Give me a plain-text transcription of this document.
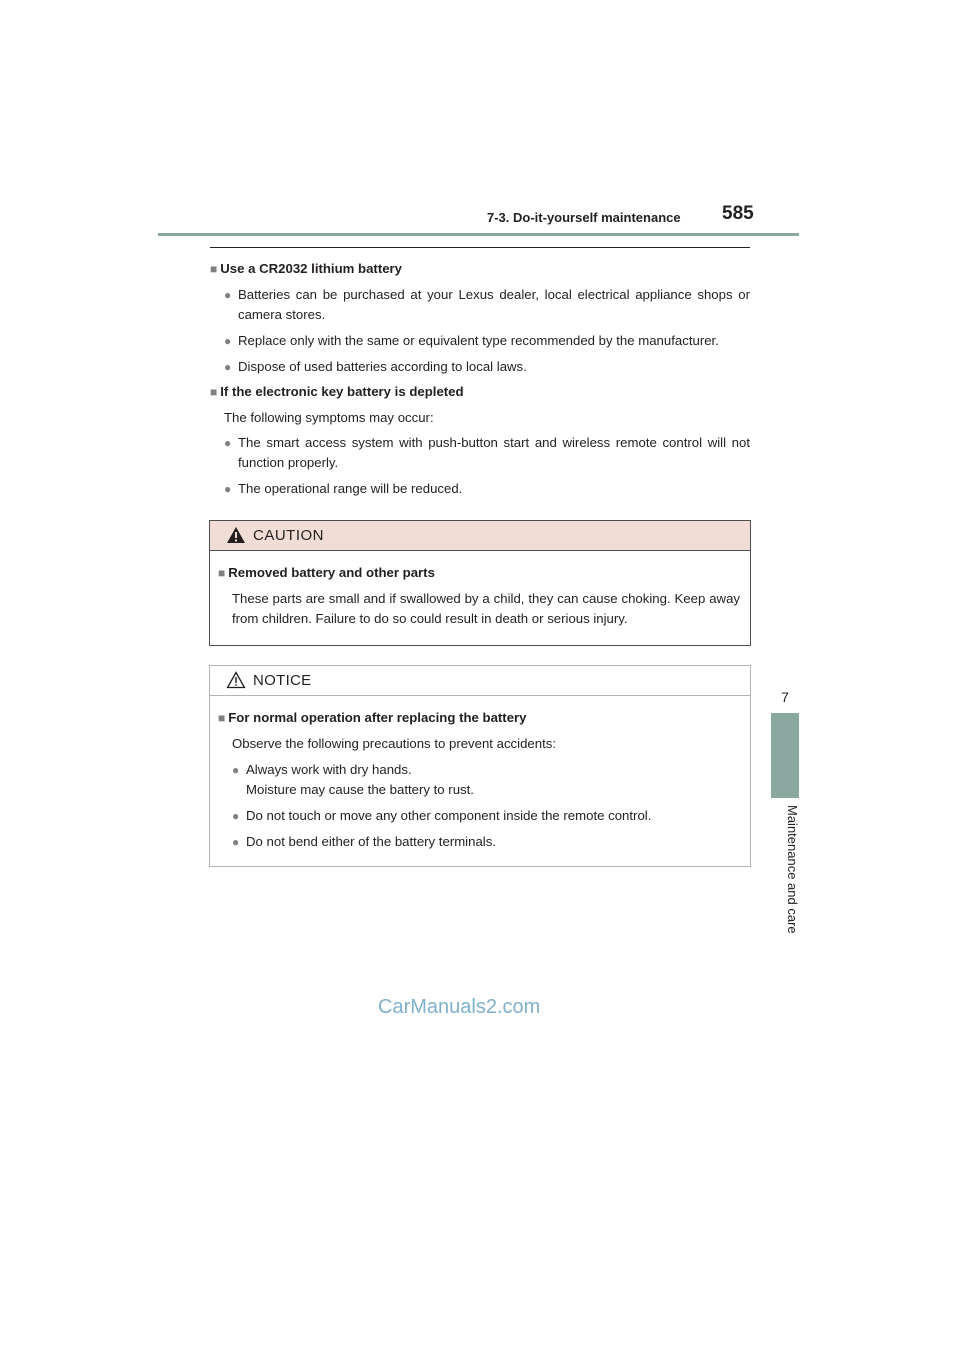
7-3. Do-it-yourself maintenance 585
7
Maintenance and care
■ Use a CR2032 lithium battery
● Batteries can be purchased at your Lexus dealer, local electrical appliance shops or camera stores.
● Replace only with the same or equivalent type recommended by the manufacturer.
● Dispose of used batteries according to local laws.
■ If the electronic key battery is depleted
The following symptoms may occur:
● The smart access system with push-button start and wireless remote control will not function properly.
● The operational range will be reduced.
CAUTION
■ Removed battery and other parts
These parts are small and if swallowed by a child, they can cause choking. Keep away from children. Failure to do so could result in death or serious injury.
NOTICE
■ For normal operation after replacing the battery
Observe the following precautions to prevent accidents:
● Always work with dry hands.
Moisture may cause the battery to rust.
● Do not touch or move any other component inside the remote control.
● Do not bend either of the battery terminals.
CarManuals2.com
